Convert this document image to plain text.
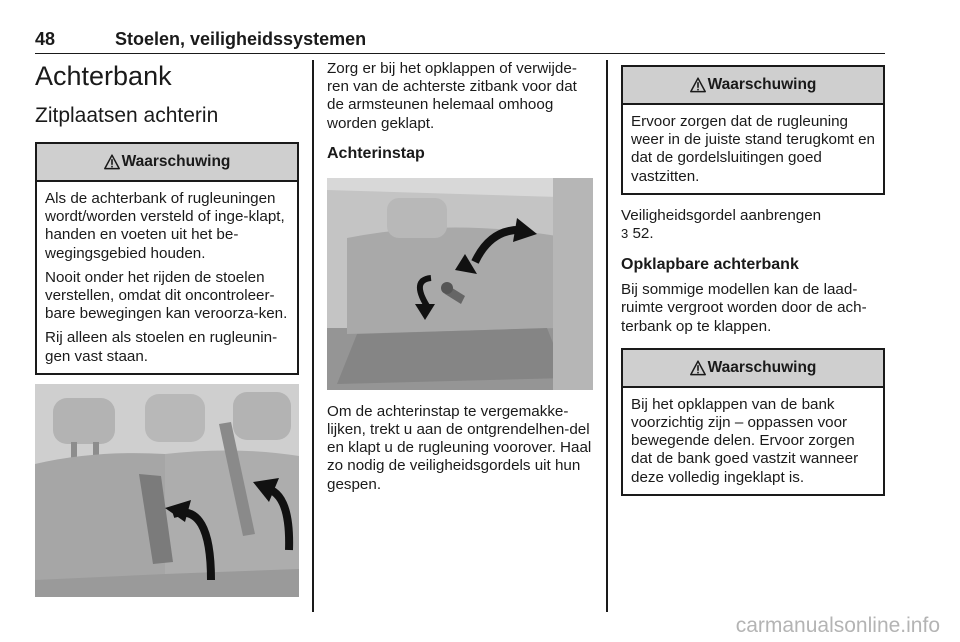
48	Stoelen, veiligheidssystemen
Achterbank
Zitplaatsen achterin
Waarschuwing

Als de achterbank of rugleuningen wordt/worden versteld of inge-klapt, handen en voeten uit het be-wegingsgebied houden.

Nooit onder het rijden de stoelen verstellen, omdat dit oncontroleer-bare bewegingen kan veroorza-ken.

Rij alleen als stoelen en rugleunin-gen vast staan.

Zorg er bij het opklappen of verwijde-ren van de achterste zitbank voor dat de armsteunen helemaal omhoog worden geklapt.

Achterinstap

Om de achterinstap te vergemakke-lijken, trekt u aan de ontgrendelhen-del en klapt u de rugleuning voorover. Haal zo nodig de veiligheidsgordels uit hun gespen.

Waarschuwing

Ervoor zorgen dat de rugleuning weer in de juiste stand terugkomt en dat de gordelsluitingen goed vastzitten.

Veiligheidsgordel aanbrengen
3 52.

Opklapbare achterbank

Bij sommige modellen kan de laad-ruimte vergroot worden door de ach-terbank op te klappen.

Waarschuwing

Bij het opklappen van de bank voorzichtig zijn – oppassen voor bewegende delen. Ervoor zorgen dat de bank goed vastzit wanneer deze volledig ingeklapt is.

carmanualsonline.info
